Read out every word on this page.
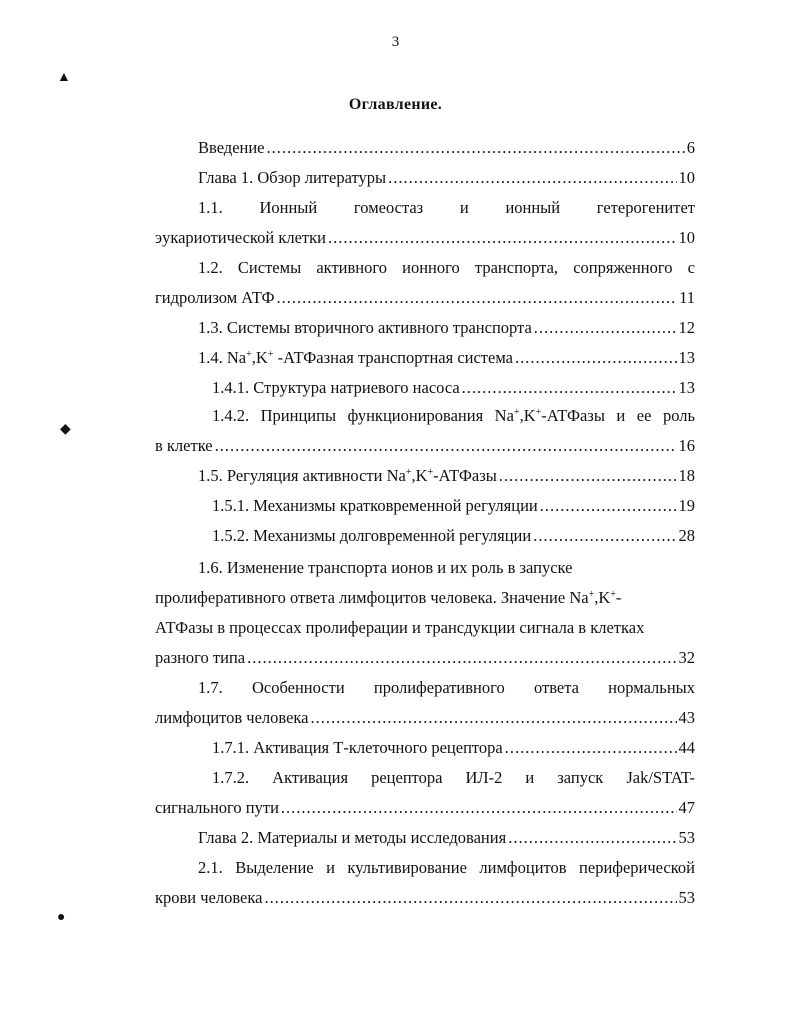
3
Оглавление.
▲
◆
●
Введение .....	6
Глава 1. Обзор литературы .....	10
1.1. Ионный гомеостаз и ионный гетерогенитет
эукариотической клетки .....	10
1.2. Системы активного ионного транспорта, сопряженного с
гидролизом АТФ .....	11
1.3. Системы вторичного активного транспорта .....	12
1.4. Na+,K+ -АТФазная транспортная система .....	13
1.4.1. Структура натриевого насоса .....	13
1.4.2. Принципы функционирования Na+,K+-АТФазы и ее роль
в клетке .....	16
1.5. Регуляция активности Na+,K+-АТФазы .....	18
1.5.1. Механизмы кратковременной регуляции .....	19
1.5.2. Механизмы долговременной регуляции .....	28
1.6. Изменение транспорта ионов и их роль в запуске
пролиферативного ответа лимфоцитов человека. Значение Na+,K+-
АТФазы в процессах пролиферации и трансдукции сигнала в клетках
разного типа .....	32
1.7. Особенности пролиферативного ответа нормальных
лимфоцитов человека .....	43
1.7.1. Активация Т-клеточного рецептора .....	44
1.7.2. Активация рецептора ИЛ-2 и запуск Jak/STAT-
сигнального пути .....	47
Глава 2. Материалы и методы исследования .....	53
2.1. Выделение и культивирование лимфоцитов периферической
крови человека .....	53
